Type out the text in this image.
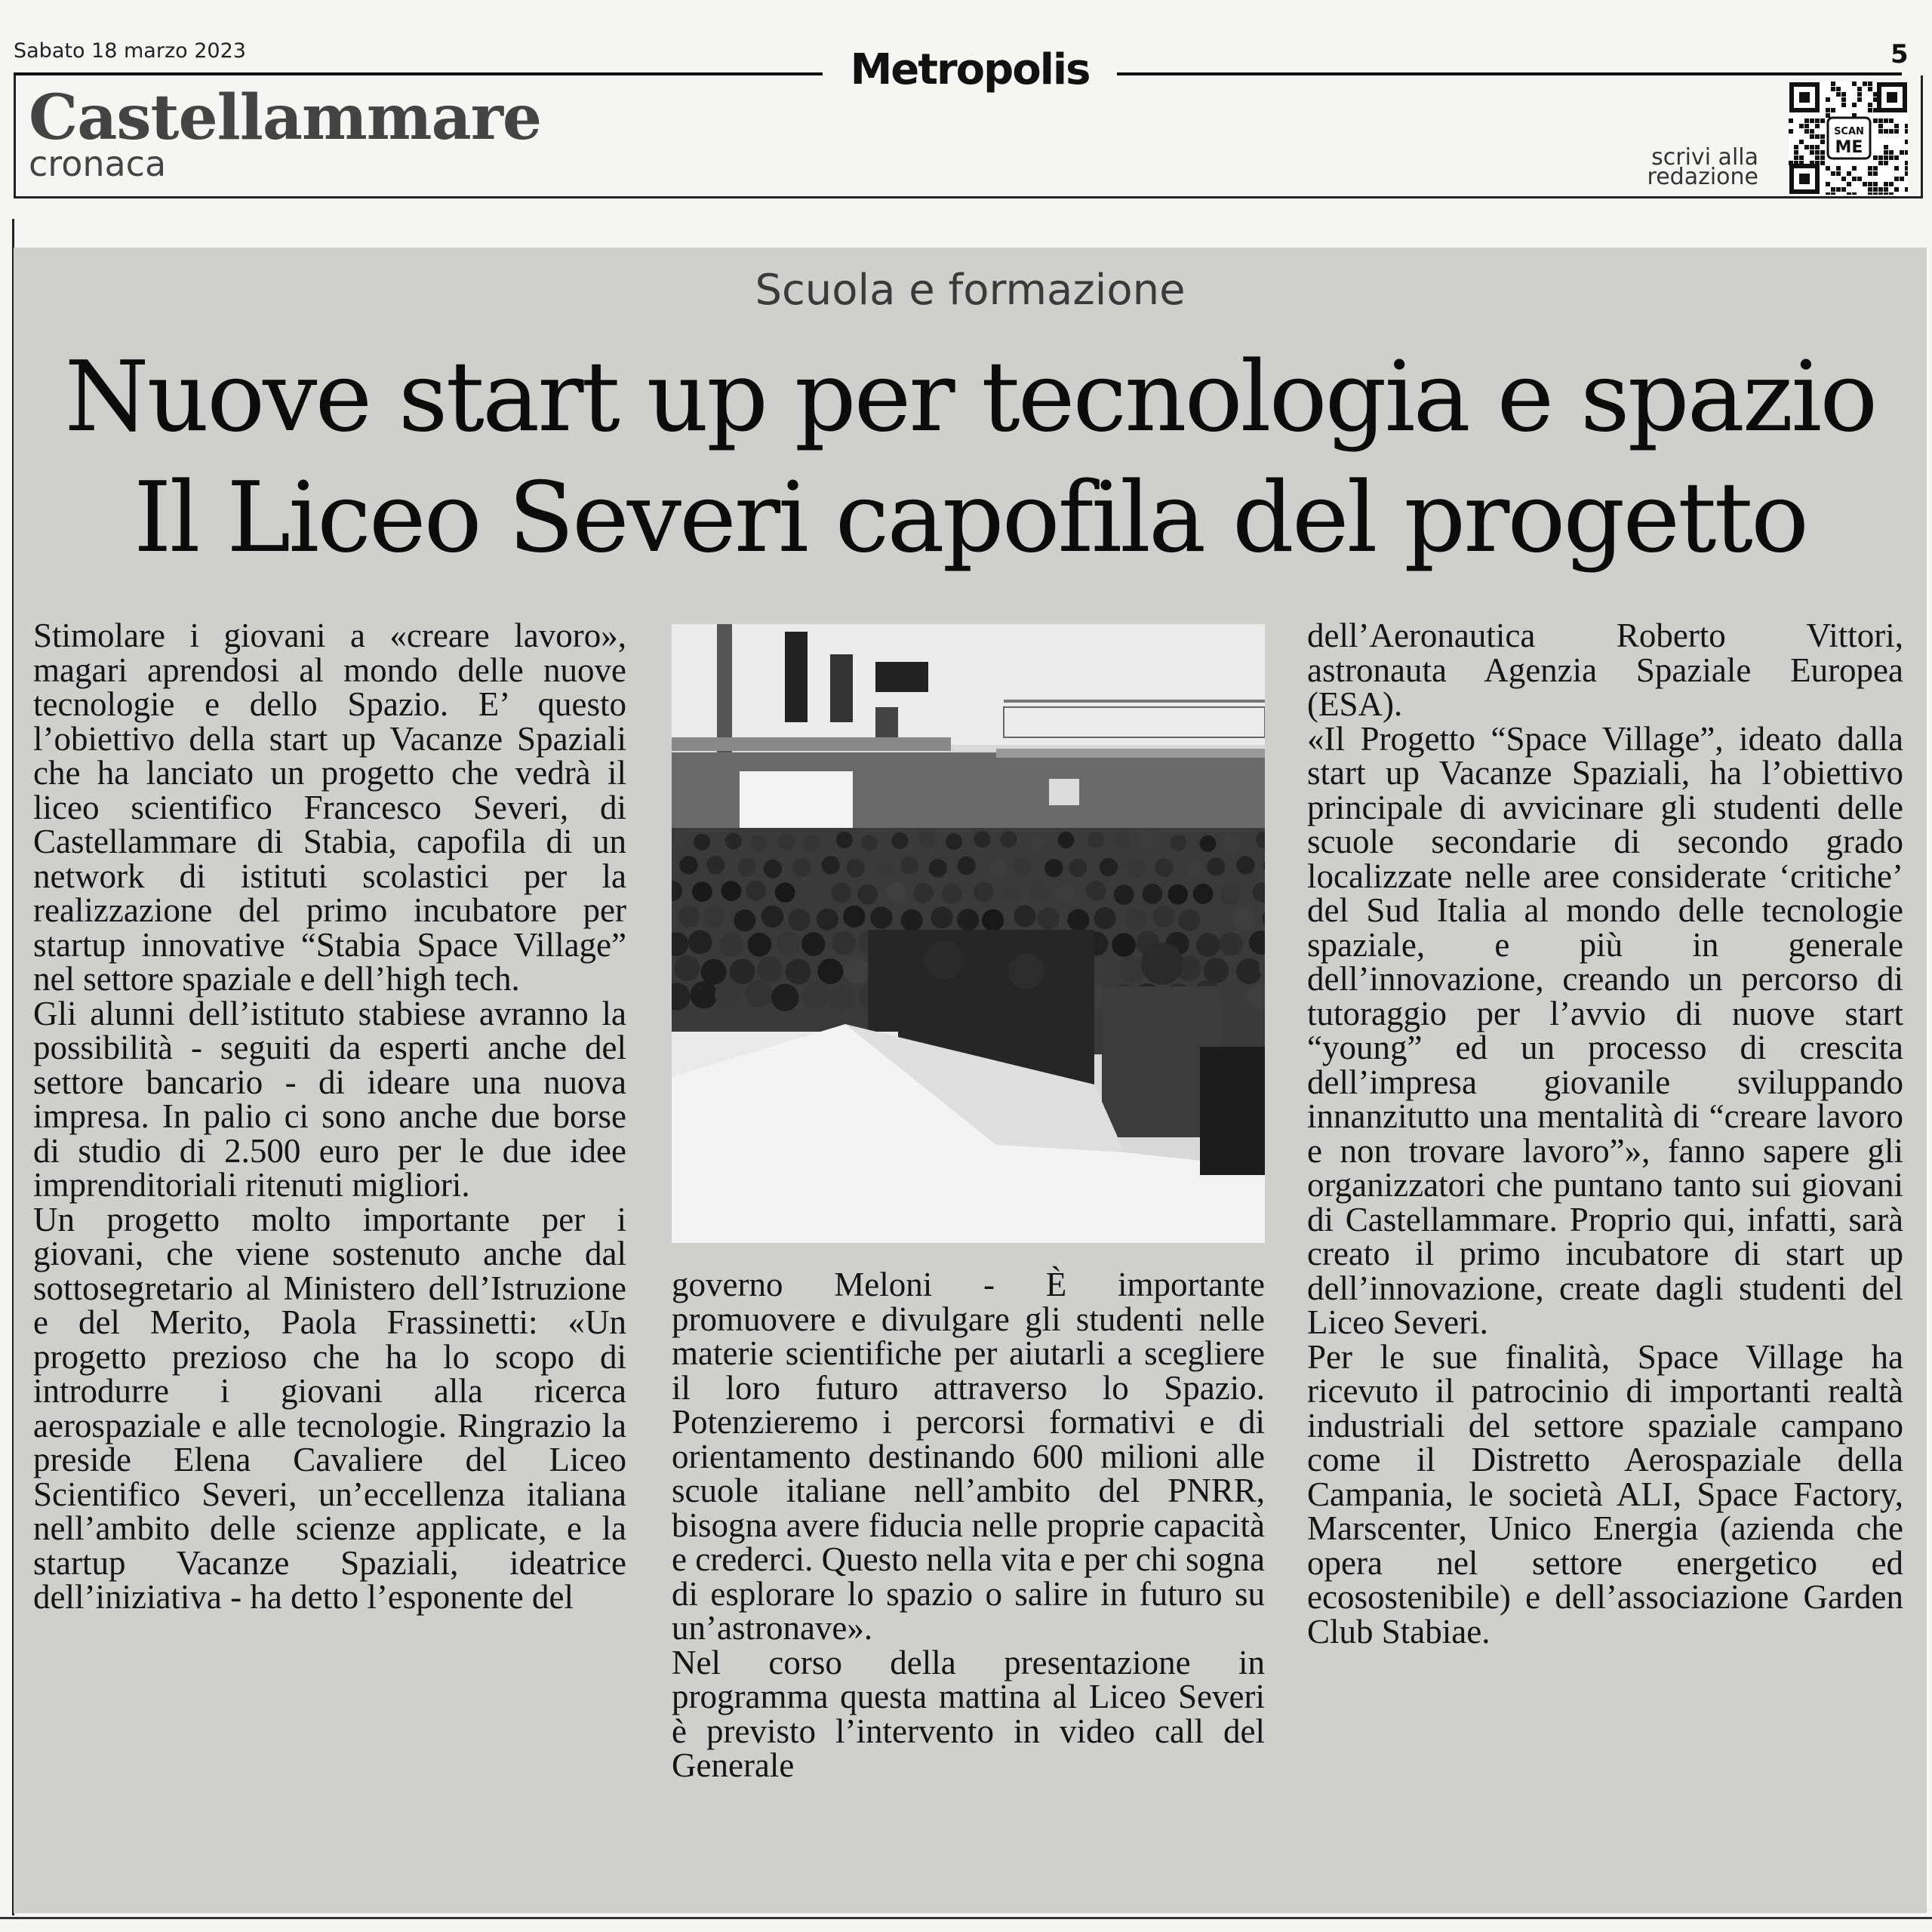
Sabato 18 marzo 2023	Metropolis	5
Castellammare
cronaca	scrivi alla
redazione
SCAN
ME
Scuola e formazione
Nuove start up per tecnologia e spazio
Il Liceo Severi capofila del progetto

Stimolare i giovani a «creare lavoro», magari aprendosi al mondo delle nuove tecnologie e dello Spazio. E’ questo l’obiettivo della start up Vacanze Spaziali che ha lanciato un progetto che vedrà il liceo scientifico Francesco Severi, di Castellammare di Stabia, capofila di un network di istituti scolastici per la realizzazione del primo incubatore per startup innovative “Stabia Space Village” nel settore spaziale e dell’high tech.

Gli alunni dell’istituto stabiese avranno la possibilità - seguiti da esperti anche del settore bancario - di ideare una nuova impresa. In palio ci sono anche due borse di studio di 2.500 euro per le due idee imprenditoriali ritenuti migliori.

Un progetto molto importante per i giovani, che viene sostenuto anche dal sottosegretario al Ministero dell’Istruzione e del Merito, Paola Frassinetti: «Un progetto prezioso che ha lo scopo di introdurre i giovani alla ricerca aerospaziale e alle tecnologie. Ringrazio la preside Elena Cavaliere del Liceo Scientifico Severi, un’eccellenza italiana nell’ambito delle scienze applicate, e la startup Vacanze Spaziali, ideatrice dell’iniziativa - ha detto l’esponente del

governo Meloni - È importante promuovere e divulgare gli studenti nelle materie scientifiche per aiutarli a scegliere il loro futuro attraverso lo Spazio. Potenzieremo i percorsi formativi e di orientamento destinando 600 milioni alle scuole italiane nell’ambito del PNRR, bisogna avere fiducia nelle proprie capacità e crederci. Questo nella vita e per chi sogna di esplorare lo spazio o salire in futuro su un’astronave».

Nel corso della presentazione in programma questa mattina al Liceo Severi è previsto l’intervento in video call del Generale

dell’Aeronautica Roberto Vittori, astronauta Agenzia Spaziale Europea (ESA).

«Il Progetto “Space Village”, ideato dalla start up Vacanze Spaziali, ha l’obiettivo principale di avvicinare gli studenti delle scuole secondarie di secondo grado localizzate nelle aree considerate ‘critiche’ del Sud Italia al mondo delle tecnologie spaziale, e più in generale dell’innovazione, creando un percorso di tutoraggio per l’avvio di nuove start “young” ed un processo di crescita dell’impresa giovanile sviluppando innanzitutto una mentalità di “creare lavoro e non trovare lavoro”», fanno sapere gli organizzatori che puntano tanto sui giovani di Castellammare. Proprio qui, infatti, sarà creato il primo incubatore di start up dell’innovazione, create dagli studenti del Liceo Severi.

Per le sue finalità, Space Village ha ricevuto il patrocinio di importanti realtà industriali del settore spaziale campano come il Distretto Aerospaziale della Campania, le società ALI, Space Factory, Marscenter, Unico Energia (azienda che opera nel settore energetico ed ecosostenibile) e dell’associazione Garden Club Stabiae.
